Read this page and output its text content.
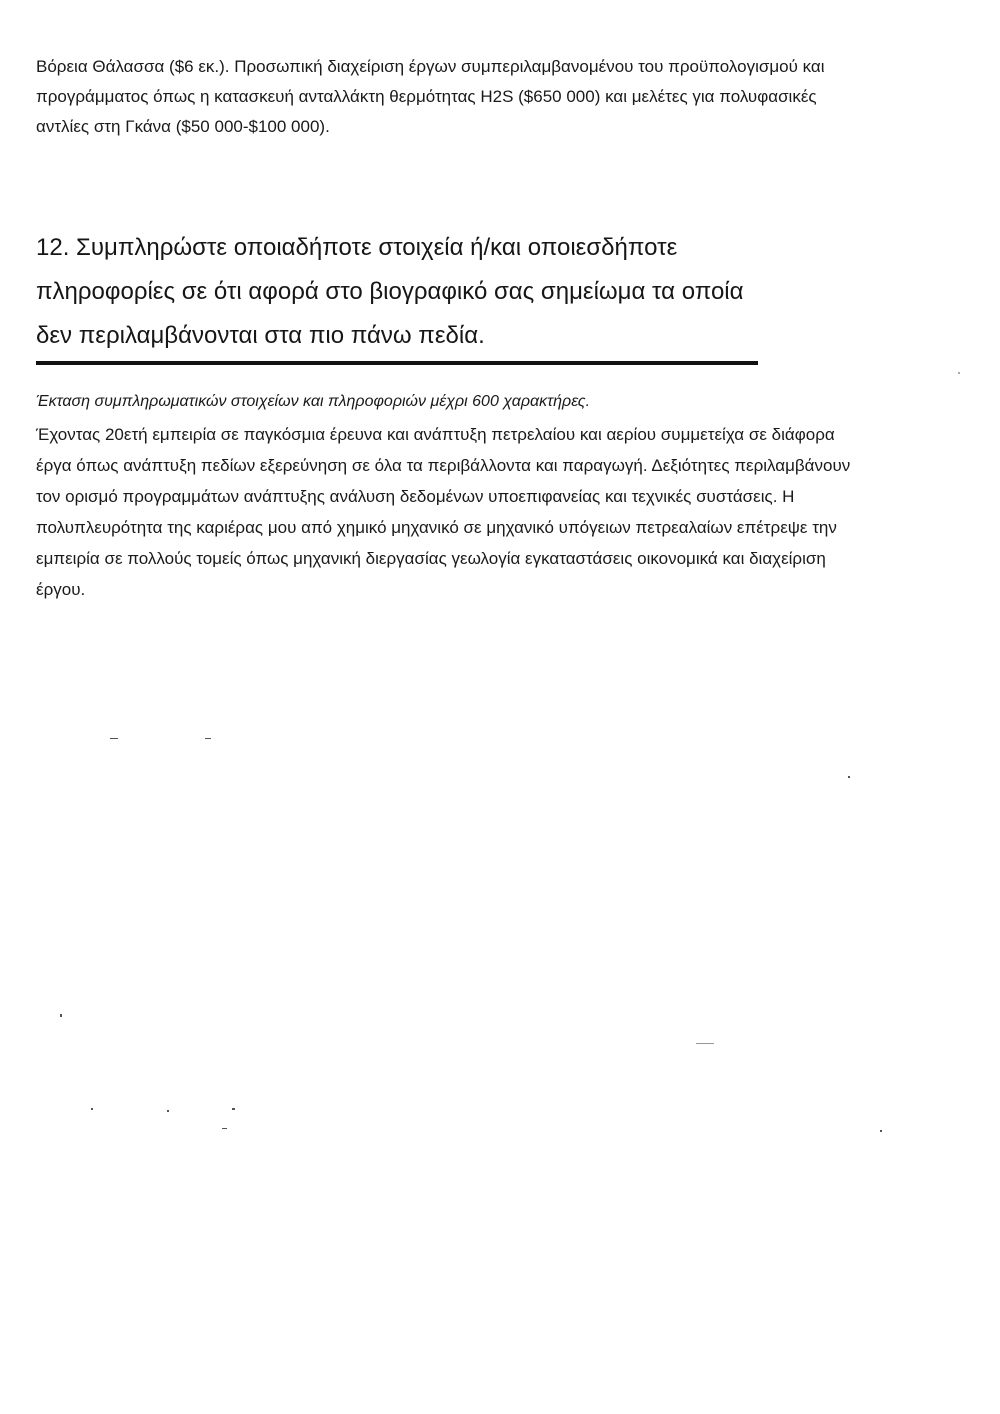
Βόρεια Θάλασσα ($6 εκ.). Προσωπική διαχείριση έργων συμπεριλαμβανομένου του προϋπολογισμού και
προγράμματος όπως η κατασκευή ανταλλάκτη θερμότητας H2S ($650 000) και μελέτες για πολυφασικές
αντλίες στη Γκάνα ($50 000-$100 000).
12. Συμπληρώστε οποιαδήποτε στοιχεία ή/και οποιεσδήποτε
πληροφορίες σε ότι αφορά στο βιογραφικό σας σημείωμα τα οποία
δεν περιλαμβάνονται στα πιο πάνω πεδία.

Έκταση συμπληρωματικών στοιχείων και πληροφοριών μέχρι 600 χαρακτήρες.

Έχοντας 20ετή εμπειρία σε παγκόσμια έρευνα και ανάπτυξη πετρελαίου και αερίου συμμετείχα σε διάφορα
έργα όπως ανάπτυξη πεδίων εξερεύνηση σε όλα τα περιβάλλοντα και παραγωγή. Δεξιότητες περιλαμβάνουν
τον ορισμό προγραμμάτων ανάπτυξης ανάλυση δεδομένων υποεπιφανείας και τεχνικές συστάσεις. Η
πολυπλευρότητα της καριέρας μου από χημικό μηχανικό σε μηχανικό υπόγειων πετρεαλαίων επέτρεψε την
εμπειρία σε πολλούς τομείς όπως μηχανική διεργασίας γεωλογία εγκαταστάσεις οικονομικά και διαχείριση
έργου.
